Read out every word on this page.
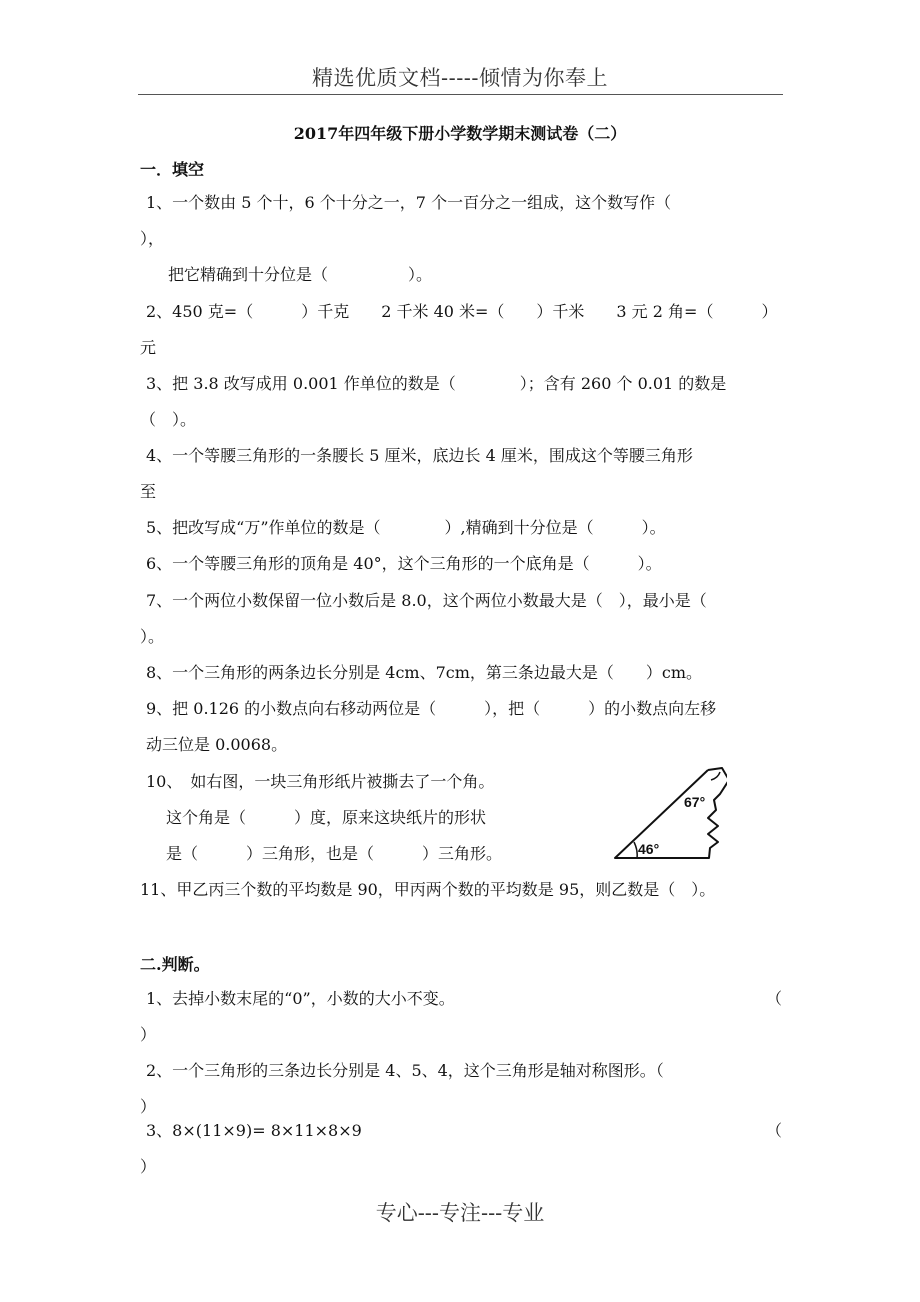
精选优质文档-----倾情为你奉上
2017年四年级下册小学数学期末测试卷（二）
一．填空
1、一个数由 5 个十，6 个十分之一，7 个一百分之一组成，这个数写作（
），
把它精确到十分位是（　　　　　）。
2、450 克=（　　　）千克　　2 千米 40 米=（　　）千米　　3 元 2 角=（　　　）
元
3、把 3.8 改写成用 0.001 作单位的数是（　　　　）；含有 260 个 0.01 的数是
（　）。
4、一个等腰三角形的一条腰长 5 厘米，底边长 4 厘米，围成这个等腰三角形
至
5、把改写成“万”作单位的数是（　　　　）,精确到十分位是（　　　）。
6、一个等腰三角形的顶角是 40°，这个三角形的一个底角是（　　　）。
7、一个两位小数保留一位小数后是 8.0，这个两位小数最大是（　），最小是（
）。
8、一个三角形的两条边长分别是 4cm、7cm，第三条边最大是（　　）cm。
9、把 0.126 的小数点向右移动两位是（　　　），把（　　　）的小数点向左移
动三位是 0.0068。
10、　如右图，一块三角形纸片被撕去了一个角。
这个角是（　　　）度，原来这块纸片的形状
是（　　　）三角形，也是（　　　）三角形。
11、甲乙丙三个数的平均数是 90，甲丙两个数的平均数是 95，则乙数是（　）。
67°
46°
二.判断。
1、去掉小数末尾的“0”，小数的大小不变。	（
）
2、一个三角形的三条边长分别是 4、5、4，这个三角形是轴对称图形。（
）
3、8×(11×9)= 8×11×8×9	（
）
专心---专注---专业
